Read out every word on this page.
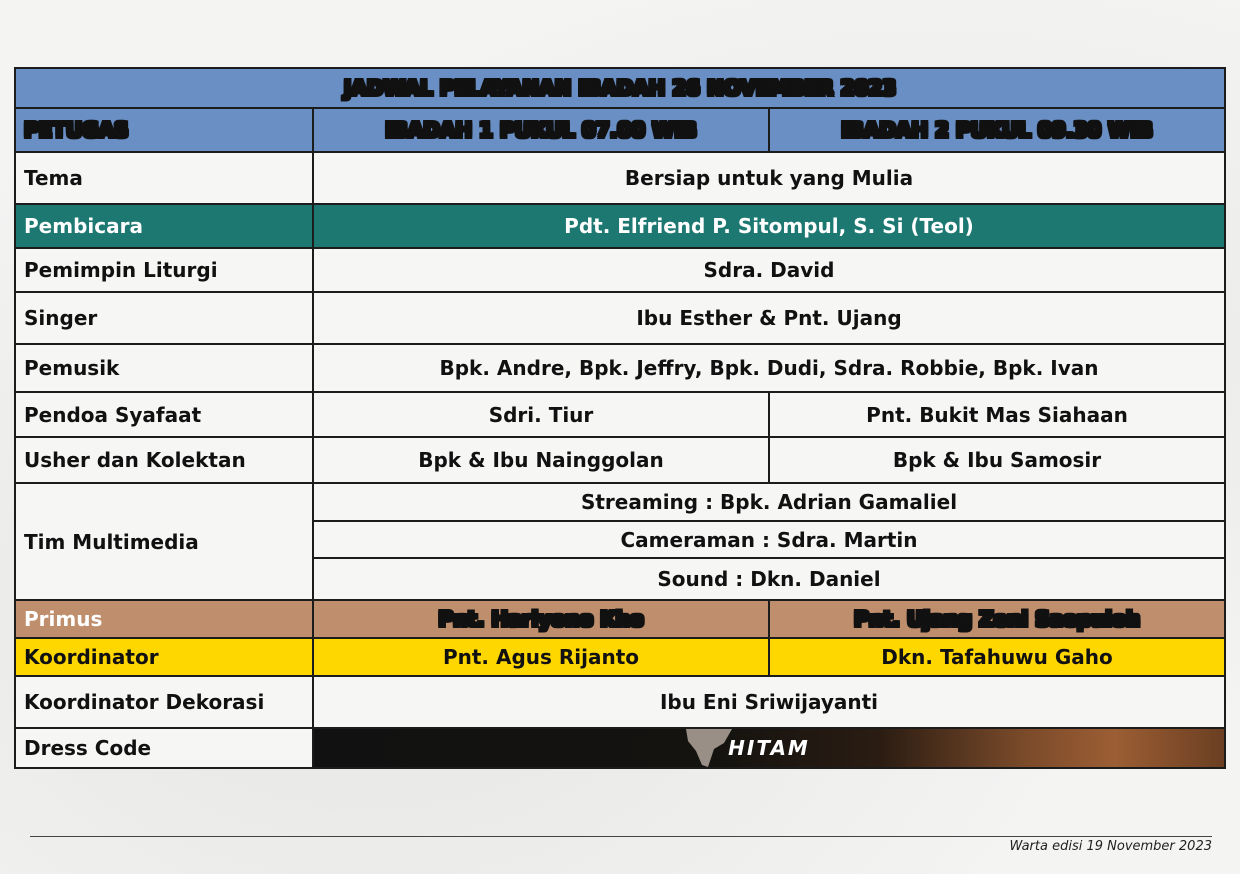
JADWAL PELAYANAN IBADAH 26 NOVEMBER 2023		
PETUGAS	IBADAH 1 PUKUL 07.00 WIB	IBADAH 2 PUKUL 09.30 WIB
Tema	Bersiap untuk yang Mulia	
Pembicara	Pdt. Elfriend P. Sitompul, S. Si (Teol)	
Pemimpin Liturgi	Sdra. David	
Singer	Ibu Esther & Pnt. Ujang	
Pemusik	Bpk. Andre, Bpk. Jeffry, Bpk. Dudi, Sdra. Robbie, Bpk. Ivan	
Pendoa Syafaat	Sdri. Tiur	Pnt. Bukit Mas Siahaan
Usher dan Kolektan	Bpk & Ibu Nainggolan	Bpk & Ibu Samosir
Tim Multimedia	Streaming : Bpk. Adrian Gamaliel	
	Cameraman : Sdra. Martin	
	Sound : Dkn. Daniel	
Primus	Pnt. Hariyono Kho	Pnt. Ujang Zeni Saepuloh
Koordinator	Pnt. Agus Rijanto	Dkn. Tafahuwu Gaho
Koordinator Dekorasi	Ibu Eni Sriwijayanti	
Dress Code	HITAM	
Warta edisi 19 November 2023
